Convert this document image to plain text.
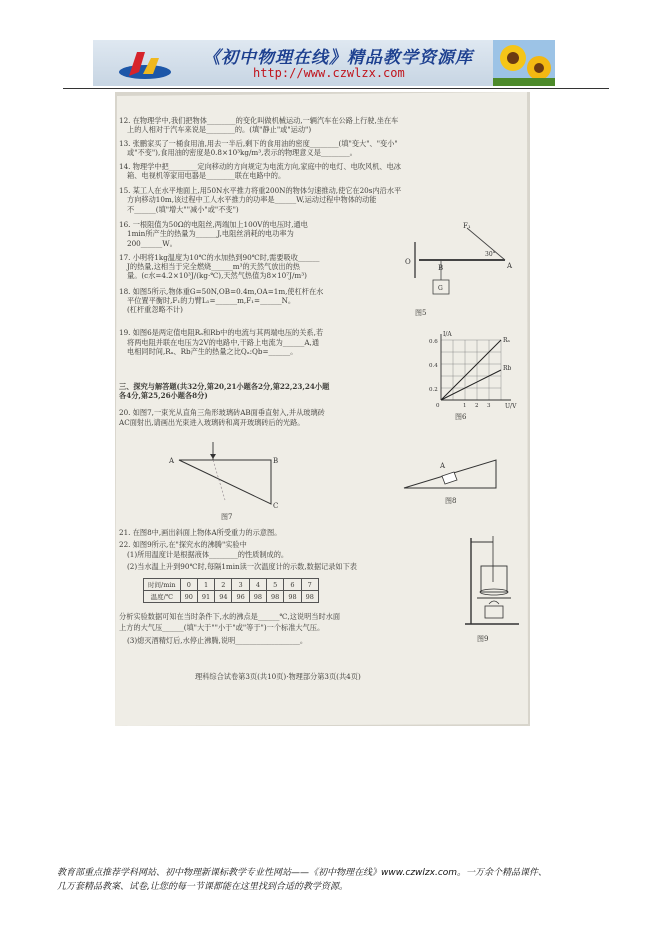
《初中物理在线》精品教学资源库
http://www.czwlzx.com
12. 在物理学中,我们把物体________的变化叫做机械运动,一辆汽车在公路上行驶,坐在车
上的人相对于汽车来说是________的。(填"静止"或"运动")
13. 张鹏家买了一桶食用油,用去一半后,剩下的食用油的密度________(填"变大"、"变小"
或"不变"),食用油的密度是0.8×10³kg/m³,表示的物理意义是________。
14. 物理学中把________定向移动的方向规定为电流方向,家庭中的电灯、电吹风机、电冰
箱、电视机等家用电器是________联在电路中的。
15. 某工人在水平地面上,用50N水平推力将重200N的物体匀速推动,使它在20s内沿水平
方向移动10m,该过程中工人水平推力的功率是______W,运动过程中物体的动能
不______(填"增大""减小"或"不变")
16. 一根阻值为50Ω的电阻丝,两端加上100V的电压时,通电
1min所产生的热量为______J,电阻丝消耗的电功率为
200______W。
17. 小明将1kg温度为10℃的水加热到90℃时,需要吸收______
J的热量,这相当于完全燃烧______m³的天然气放出的热
量。(c水=4.2×10³J/(kg·℃),天然气热值为8×10⁷J/m³)
18. 如图5所示,物体重G=50N,OB=0.4m,OA=1m,使杠杆在水
平位置平衡时,F₁的力臂L₁=______m,F₁=______N。
(杠杆重忽略不计)
19. 如图6是两定值电阻Rₐ和Rb中的电流与其两端电压的关系,若
将两电阻并联在电压为2V的电路中,干路上电流为______A,通
电相同时间,Rₐ、Rb产生的热量之比Qₐ:Qb=______。
三、探究与解答题(共32分,第20,21小题各2分,第22,23,24小题
各4分,第25,26小题各8分)
20. 如图7,一束光从直角三角形玻璃砖AB面垂直射入,并从玻璃砖
AC面射出,请画出光束进入玻璃砖和离开玻璃砖后的光路。
O
B	A
F₁
30°
G
图5
I/A
U/V
Rₐ
Rb
0.6
0.4
0.2
0	1 2 3
图6
A	B
C
图7
A
图8
21. 在图8中,画出斜面上物体A所受重力的示意图。
22. 如图9所示,在"探究水的沸腾"实验中
(1)所用温度计是根据液体________的性质制成的。
(2)当水温上升到90℃时,每隔1min读一次温度计的示数,数据记录如下表
时间/min	0	1	2	3	4	5	6	7
温度/℃	90	91	94	96	98	98	98	98
分析实验数据可知在当时条件下,水的沸点是______℃,这说明当时水面
上方的大气压______(填"大于""小于"或"等于")一个标准大气压。
(3)熄灭酒精灯后,水停止沸腾,说明__________________。	图9
理科综合试卷第3页(共10页)·物理部分第3页(共4页)
教育部重点推荐学科网站、初中物理新课标教学专业性网站——《初中物理在线》www.czwlzx.com。一万余个精品课件、
几万套精品教案、试卷,让您的每一节课都能在这里找到合适的教学资源。
